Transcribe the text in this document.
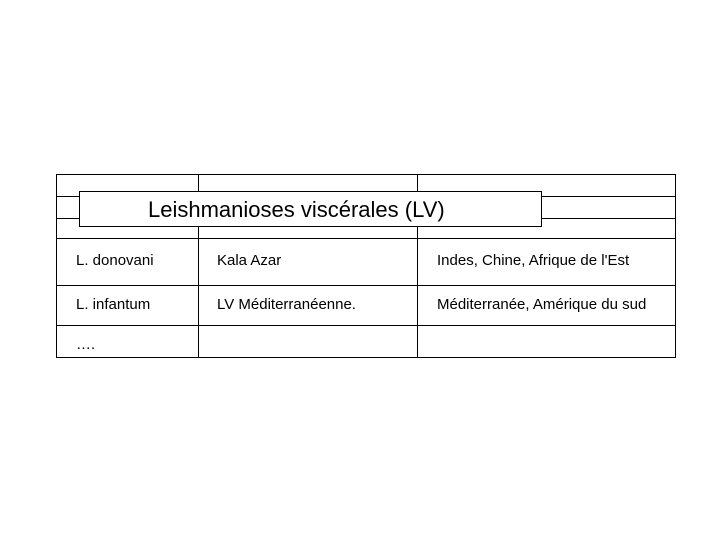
L. donovani	Kala Azar	Indes, Chine, Afrique de l'Est
L. infantum	LV Méditerranéenne.	Méditerranée, Amérique du sud
….
Leishmanioses viscérales (LV)
